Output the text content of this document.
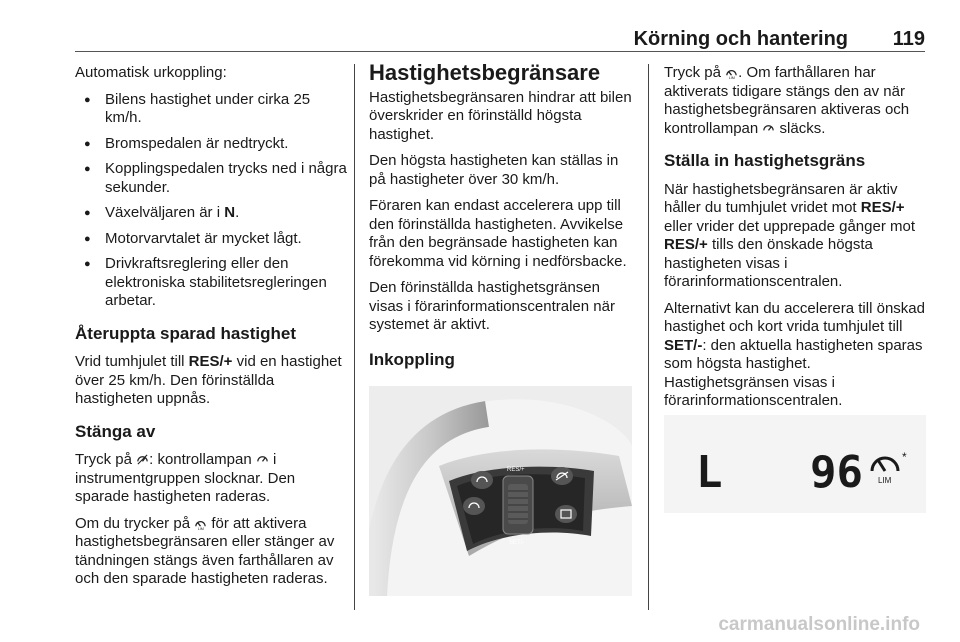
Körning och hantering 119

Automatisk urkoppling:

● Bilens hastighet under cirka 25 km/h.
● Bromspedalen är nedtryckt.
● Kopplingspedalen trycks ned i några sekunder.
● Växelväljaren är i N.
● Motorvarvtalet är mycket lågt.
● Drivkraftsreglering eller den elektroniska stabilitetsregleringen arbetar.
Återuppta sparad hastighet

Vrid tumhjulet till RES/+ vid en hastighet över 25 km/h. Den förinställda hastigheten uppnås.

Stänga av

Tryck på : kontrollampan  i instrumentgruppen slocknar. Den sparade hastigheten raderas.

Om du trycker på LIM för att aktivera hastighetsbegränsaren eller stänger av tändningen stängs även farthållaren av och den sparade hastigheten raderas.

Hastighetsbegränsare

Hastighetsbegränsaren hindrar att bilen överskrider en förinställd högsta hastighet.

Den högsta hastigheten kan ställas in på hastigheter över 30 km/h.

Föraren kan endast accelerera upp till den förinställda hastigheten. Avvikelse från den begränsade hastigheten kan förekomma vid körning i nedförsbacke.

Den förinställda hastighetsgränsen visas i förarinformationscentralen när systemet är aktivt.

Inkoppling
RES/+
SET/-

Tryck på LIM . Om farthållaren har aktiverats tidigare stängs den av när hastighetsbegränsaren aktiveras och kontrollampan  släcks.

Ställa in hastighetsgräns

När hastighetsbegränsaren är aktiv håller du tumhjulet vridet mot RES/+ eller vrider det upprepade gånger mot RES/+ tills den önskade högsta hastigheten visas i förarinformationscentralen.

Alternativt kan du accelerera till önskad hastighet och kort vrida tumhjulet till SET/-: den aktuella hastigheten sparas som högsta hastighet. Hastighetsgränsen visas i förarinformationscentralen.

L 96	*
LIM
carmanualsonline.info
